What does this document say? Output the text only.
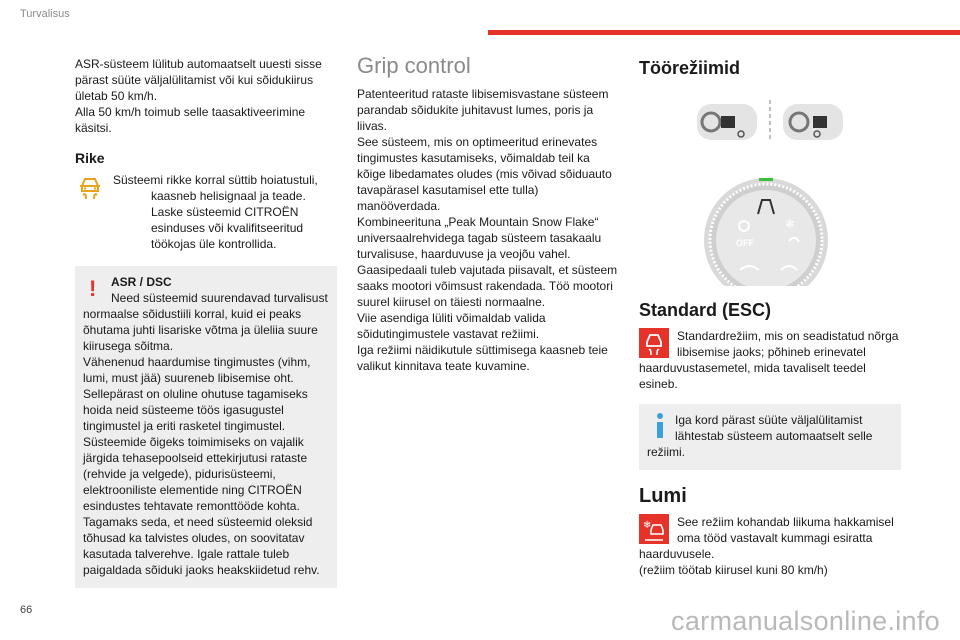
Turvalisus

ASR-süsteem lülitub automaatselt uuesti sisse pärast süüte väljalülitamist või kui sõidukiirus ületab 50 km/h.
Alla 50 km/h toimub selle taasaktiveerimine käsitsi.

Rike

Süsteemi rikke korral süttib hoiatustuli, kaasneb helisignaal ja teade.
Laske süsteemid CITROËN esinduses või kvalifitseeritud töökojas üle kontrollida.

!	ASR / DSC

Need süsteemid suurendavad turvalisust normaalse sõidustiili korral, kuid ei peaks õhutama juhti lisariske võtma ja üleliia suure kiirusega sõitma.
Vähenenud haardumise tingimustes (vihm, lumi, must jää) suureneb libisemise oht. Sellepärast on oluline ohutuse tagamiseks hoida neid süsteeme töös igasugustel tingimustel ja eriti rasketel tingimustel.
Süsteemide õigeks toimimiseks on vajalik järgida tehasepoolseid ettekirjutusi rataste (rehvide ja velgede), pidurisüsteemi, elektrooniliste elementide ning CITROËN esindustes tehtavate remonttööde kohta.
Tagamaks seda, et need süsteemid oleksid tõhusad ka talvistes oludes, on soovitatav kasutada talverehve. Igale rattale tuleb paigaldada sõiduki jaoks heakskiidetud rehv.

Grip control

Patenteeritud rataste libisemisvastane süsteem parandab sõidukite juhitavust lumes, poris ja liivas.
See süsteem, mis on optimeeritud erinevates tingimustes kasutamiseks, võimaldab teil ka kõige libedamates oludes (mis võivad sõiduauto tavapärasel kasutamisel ette tulla) manööverdada.
Kombineerituna „Peak Mountain Snow Flake“ universaalrehvidega tagab süsteem tasakaalu turvalisuse, haarduvuse ja veojõu vahel.
Gaasipedaali tuleb vajutada piisavalt, et süsteem saaks mootori võimsust rakendada. Töö mootori suurel kiirusel on täiesti normaalne.
Viie asendiga lüliti võimaldab valida sõidutingimustele vastavat režiimi.
Iga režiimi näidikutule süttimisega kaasneb teie valikut kinnitava teate kuvamine.

Töörežiimid
OFF
❄
Standard (ESC)

Standardrežiim, mis on seadistatud nõrga libisemise jaoks; põhineb erinevatel haarduvustasemetel, mida tavaliselt teedel esineb.

Iga kord pärast süüte väljalülitamist lähtestab süsteem automaatselt selle režiimi.

Lumi
❄	See režiim kohandab liikuma hakkamisel oma tööd vastavalt kummagi esiratta haarduvusele.
(režiim töötab kiirusel kuni 80 km/h)

66	carmanualsonline.info
